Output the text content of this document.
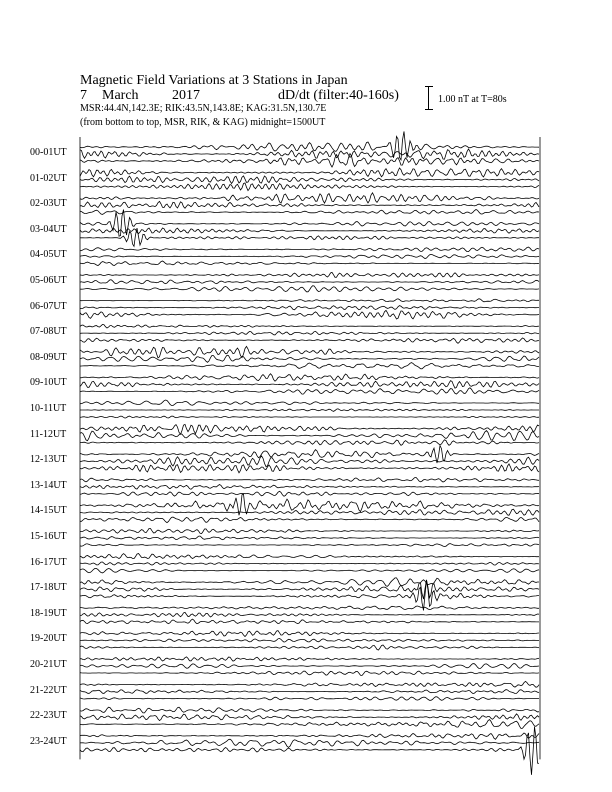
Magnetic Field Variations at 3 Stations in Japan
7 March 2017	dD/dt (filter:40-160s)
MSR:44.4N,142.3E; RIK:43.5N,143.8E; KAG:31.5N,130.7E
(from bottom to top, MSR, RIK, & KAG) midnight=1500UT
1.00 nT at T=80s
00-01UT
01-02UT
02-03UT
03-04UT
04-05UT
05-06UT
06-07UT
07-08UT
08-09UT
09-10UT
10-11UT
11-12UT
12-13UT
13-14UT
14-15UT
15-16UT
16-17UT
17-18UT
18-19UT
19-20UT
20-21UT
21-22UT
22-23UT
23-24UT
